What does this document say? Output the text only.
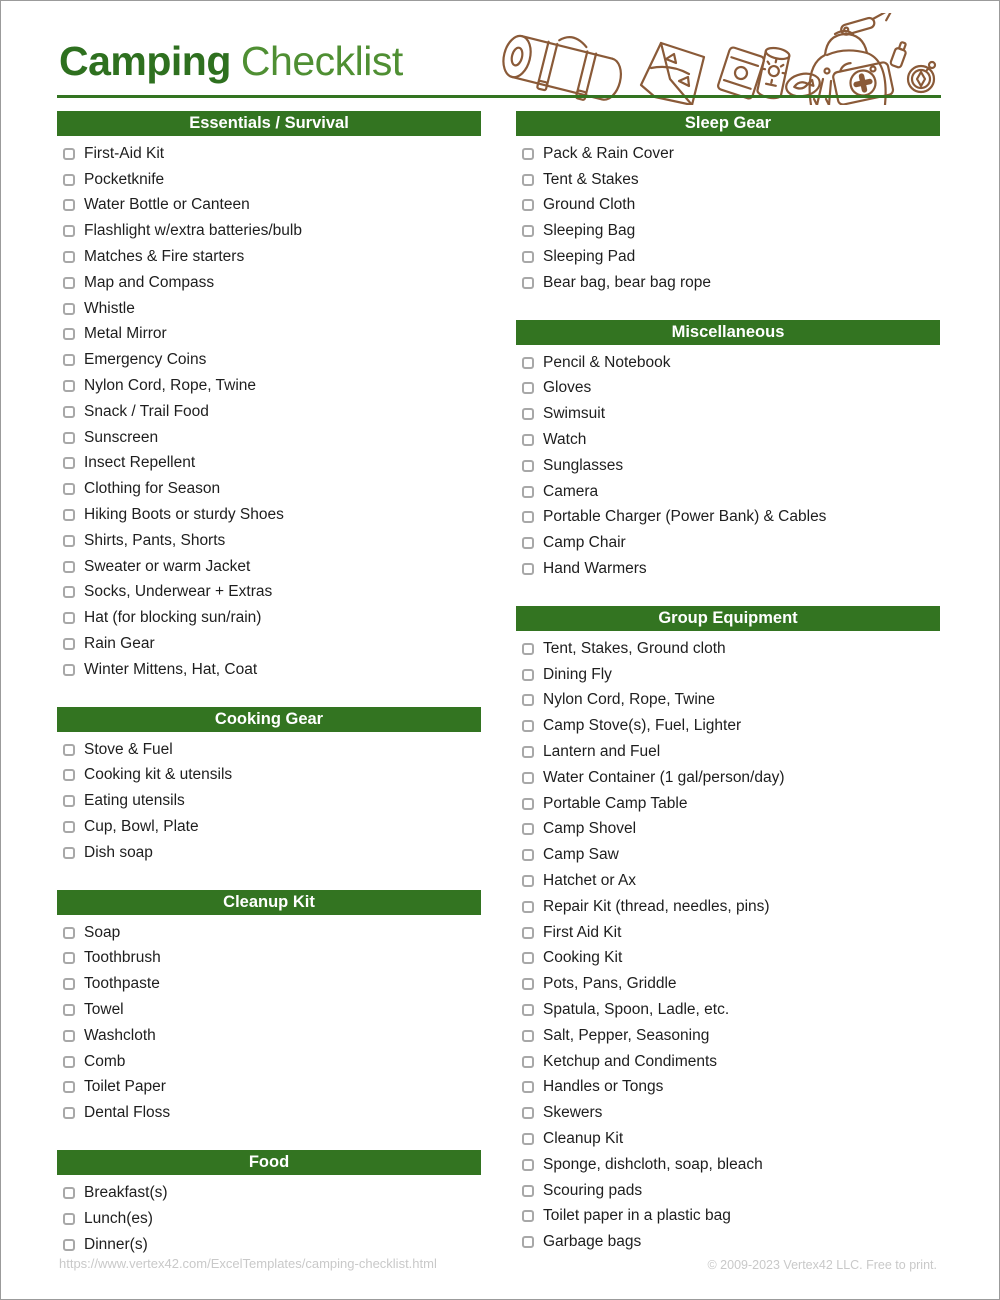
Camping Checklist
Essentials / Survival
First-Aid Kit
Pocketknife
Water Bottle or Canteen
Flashlight w/extra batteries/bulb
Matches & Fire starters
Map and Compass
Whistle
Metal Mirror
Emergency Coins
Nylon Cord, Rope, Twine
Snack / Trail Food
Sunscreen
Insect Repellent
Clothing for Season
Hiking Boots or sturdy Shoes
Shirts, Pants, Shorts
Sweater or warm Jacket
Socks, Underwear + Extras
Hat (for blocking sun/rain)
Rain Gear
Winter Mittens, Hat, Coat
Cooking Gear
Stove & Fuel
Cooking kit & utensils
Eating utensils
Cup, Bowl, Plate
Dish soap
Cleanup Kit
Soap
Toothbrush
Toothpaste
Towel
Washcloth
Comb
Toilet Paper
Dental Floss
Food
Breakfast(s)
Lunch(es)
Dinner(s)
Sleep Gear
Pack & Rain Cover
Tent & Stakes
Ground Cloth
Sleeping Bag
Sleeping Pad
Bear bag, bear bag rope
Miscellaneous
Pencil & Notebook
Gloves
Swimsuit
Watch
Sunglasses
Camera
Portable Charger (Power Bank) & Cables
Camp Chair
Hand Warmers
Group Equipment
Tent, Stakes, Ground cloth
Dining Fly
Nylon Cord, Rope, Twine
Camp Stove(s), Fuel, Lighter
Lantern and Fuel
Water Container (1 gal/person/day)
Portable Camp Table
Camp Shovel
Camp Saw
Hatchet or Ax
Repair Kit (thread, needles, pins)
First Aid Kit
Cooking Kit
Pots, Pans, Griddle
Spatula, Spoon, Ladle, etc.
Salt, Pepper, Seasoning
Ketchup and Condiments
Handles or Tongs
Skewers
Cleanup Kit
Sponge, dishcloth, soap, bleach
Scouring pads
Toilet paper in a plastic bag
Garbage bags
https://www.vertex42.com/ExcelTemplates/camping-checklist.html	© 2009-2023 Vertex42 LLC. Free to print.
